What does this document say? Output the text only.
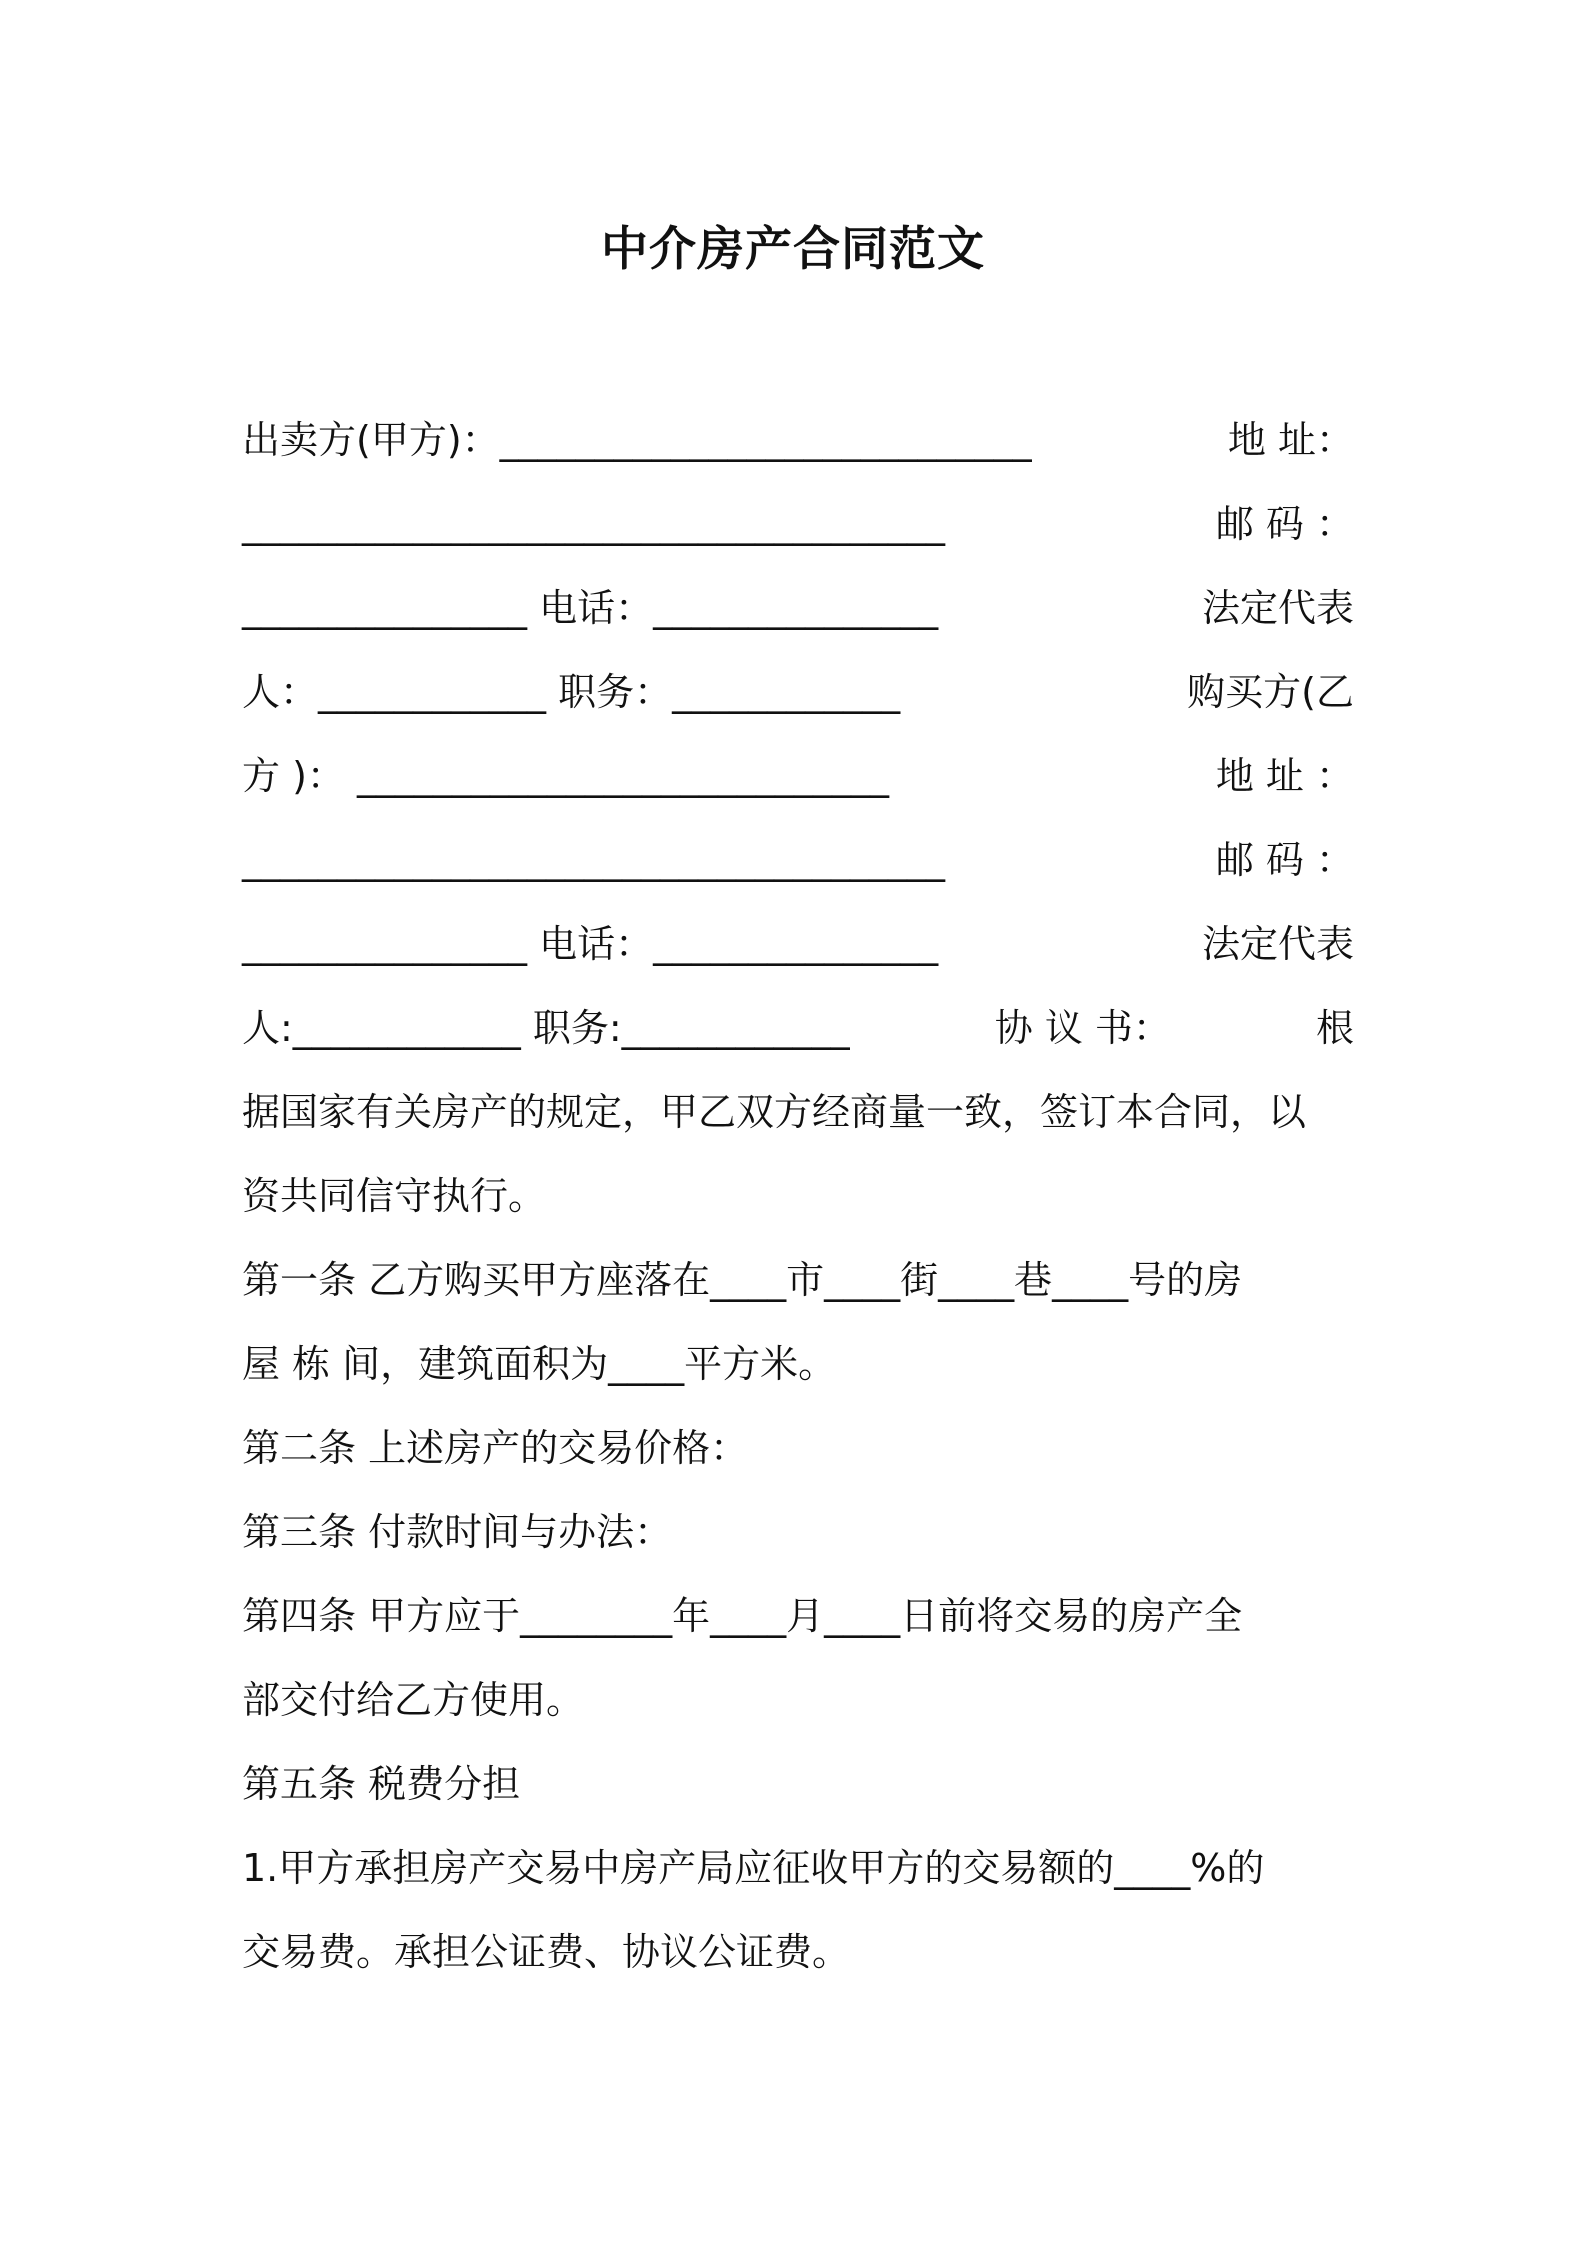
中介房产合同范文
出卖方(甲方)：____________________________	地 址：
_____________________________________	邮 码 ：
_______________ 电话：_______________	法定代表
人：____________ 职务：____________	购买方(乙
方 )： ____________________________	地 址 ：
_____________________________________	邮 码 ：
_______________ 电话：_______________	法定代表
人:____________ 职务:____________	协 议 书：	根
据国家有关房产的规定，甲乙双方经商量一致，签订本合同，以
资共同信守执行。
第一条 乙方购买甲方座落在____市____街____巷____号的房
屋 栋 间，建筑面积为____平方米。
第二条 上述房产的交易价格：
第三条 付款时间与办法：
第四条 甲方应于________年____月____日前将交易的房产全
部交付给乙方使用。
第五条 税费分担
1.甲方承担房产交易中房产局应征收甲方的交易额的____%的
交易费。承担公证费、协议公证费。
